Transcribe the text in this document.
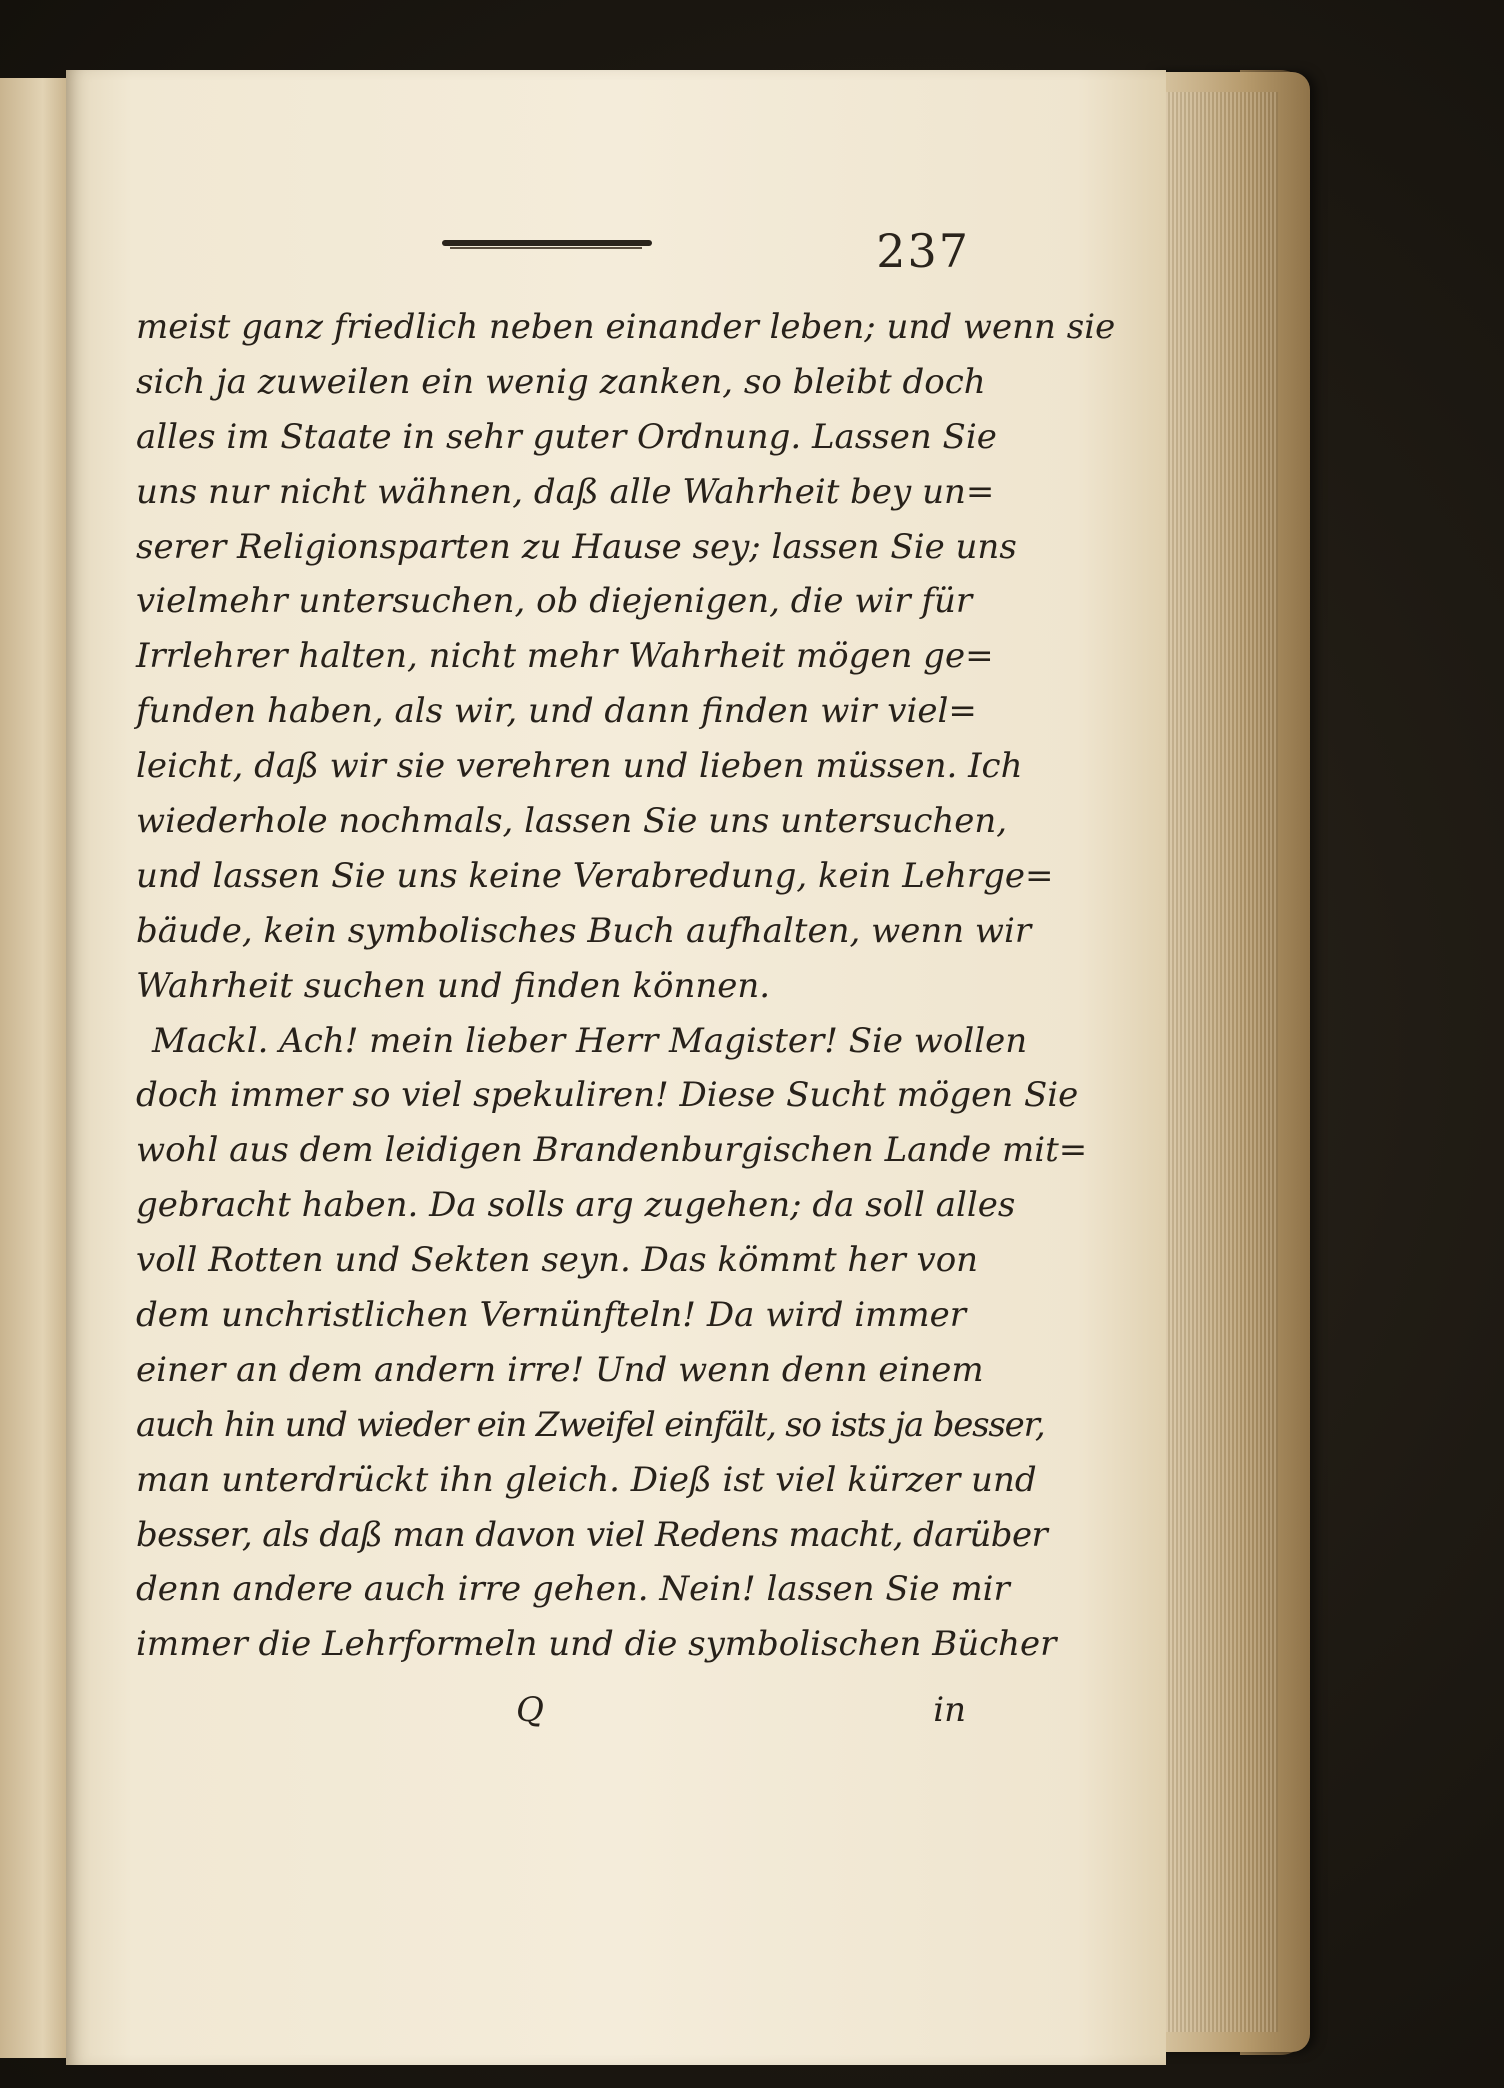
237
meist ganz friedlich neben einander leben; und wenn sie
sich ja zuweilen ein wenig zanken, so bleibt doch
alles im Staate in sehr guter Ordnung. Lassen Sie
uns nur nicht wähnen, daß alle Wahrheit bey un=
serer Religionsparten zu Hause sey; lassen Sie uns
vielmehr untersuchen, ob diejenigen, die wir für
Irrlehrer halten, nicht mehr Wahrheit mögen ge=
funden haben, als wir, und dann finden wir viel=
leicht, daß wir sie verehren und lieben müssen. Ich
wiederhole nochmals, lassen Sie uns untersuchen,
und lassen Sie uns keine Verabredung, kein Lehrge=
bäude, kein symbolisches Buch aufhalten, wenn wir
Wahrheit suchen und finden können.
Mackl. Ach! mein lieber Herr Magister! Sie wollen
doch immer so viel spekuliren! Diese Sucht mögen Sie
wohl aus dem leidigen Brandenburgischen Lande mit=
gebracht haben. Da solls arg zugehen; da soll alles
voll Rotten und Sekten seyn. Das kömmt her von
dem unchristlichen Vernünfteln! Da wird immer
einer an dem andern irre! Und wenn denn einem
auch hin und wieder ein Zweifel einfält, so ists ja besser,
man unterdrückt ihn gleich. Dieß ist viel kürzer und
besser, als daß man davon viel Redens macht, darüber
denn andere auch irre gehen. Nein! lassen Sie mir
immer die Lehrformeln und die symbolischen Bücher
Q	in
